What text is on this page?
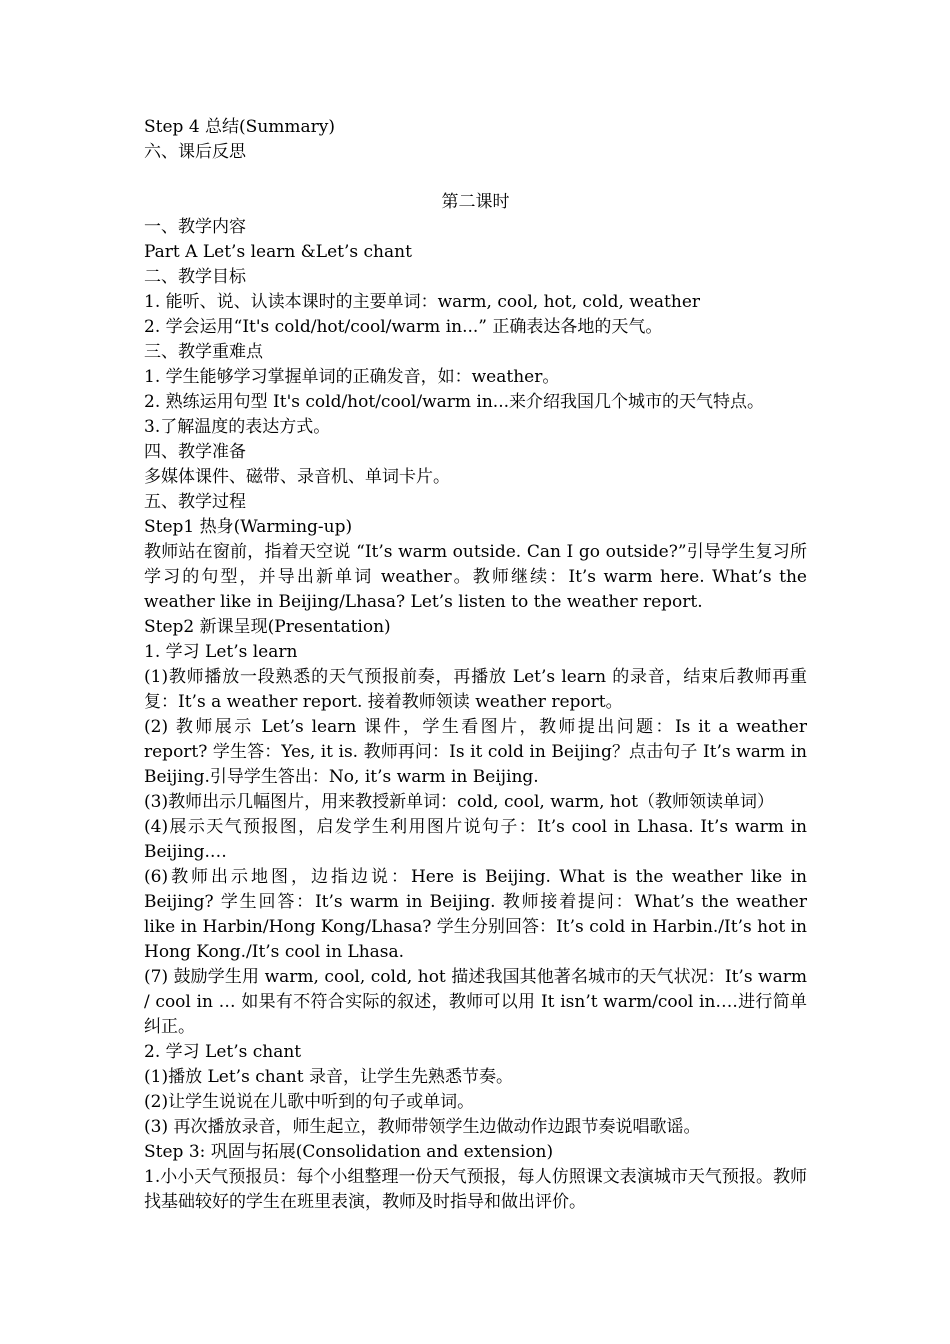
Step 4 总结(Summary)
六、课后反思
第二课时
一、教学内容
Part A Let’s learn &Let’s chant
二、教学目标
1. 能听、说、认读本课时的主要单词：warm, cool, hot, cold, weather
2. 学会运用“It's cold/hot/cool/warm in...” 正确表达各地的天气。
三、教学重难点
1. 学生能够学习掌握单词的正确发音，如：weather。
2. 熟练运用句型 It's cold/hot/cool/warm in...来介绍我国几个城市的天气特点。
3.了解温度的表达方式。
四、教学准备
多媒体课件、磁带、录音机、单词卡片。
五、教学过程
Step1 热身(Warming-up)
教师站在窗前，指着天空说 “It’s warm outside. Can I go outside?”引导学生复习所学习的句型，并导出新单词 weather。教师继续：It’s warm here. What’s the weather like in Beijing/Lhasa? Let’s listen to the weather report.
Step2 新课呈现(Presentation)
1. 学习 Let’s learn
(1)教师播放一段熟悉的天气预报前奏，再播放 Let’s learn 的录音，结束后教师再重复：It’s a weather report. 接着教师领读 weather report。
(2) 教师展示 Let’s learn 课件，学生看图片，教师提出问题：Is it a weather report? 学生答：Yes, it is. 教师再问：Is it cold in Beijing？点击句子 It’s warm in Beijing.引导学生答出：No, it’s warm in Beijing.
(3)教师出示几幅图片，用来教授新单词：cold, cool, warm, hot（教师领读单词）
(4)展示天气预报图，启发学生利用图片说句子：It’s cool in Lhasa. It’s warm in Beijing.…
(6)教师出示地图，边指边说：Here is Beijing. What is the weather like in Beijing? 学生回答：It’s warm in Beijing. 教师接着提问：What’s the weather like in Harbin/Hong Kong/Lhasa? 学生分别回答：It’s cold in Harbin./It’s hot in Hong Kong./It’s cool in Lhasa.
(7) 鼓励学生用 warm, cool, cold, hot 描述我国其他著名城市的天气状况：It’s warm / cool in … 如果有不符合实际的叙述，教师可以用 It isn’t warm/cool in….进行简单纠正。
2. 学习 Let’s chant
(1)播放 Let’s chant 录音，让学生先熟悉节奏。
(2)让学生说说在儿歌中听到的句子或单词。
(3) 再次播放录音，师生起立，教师带领学生边做动作边跟节奏说唱歌谣。
Step 3: 巩固与拓展(Consolidation and extension)
1.小小天气预报员：每个小组整理一份天气预报，每人仿照课文表演城市天气预报。教师找基础较好的学生在班里表演，教师及时指导和做出评价。
